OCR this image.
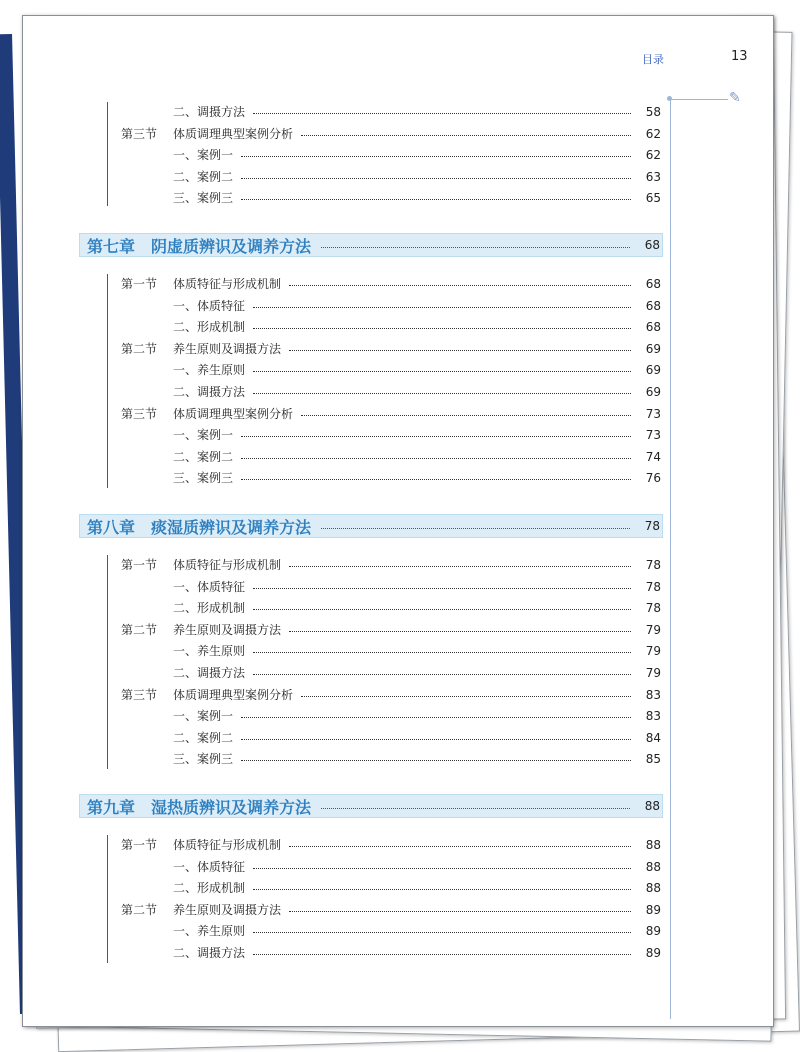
目录	13
✎
二、调摄方法	58
第三节 体质调理典型案例分析	62
一、案例一	62
二、案例二	63
三、案例三	65
第七章 阴虚质辨识及调养方法	68
第一节 体质特征与形成机制	68
一、体质特征	68
二、形成机制	68
第二节 养生原则及调摄方法	69
一、养生原则	69
二、调摄方法	69
第三节 体质调理典型案例分析	73
一、案例一	73
二、案例二	74
三、案例三	76
第八章 痰湿质辨识及调养方法	78
第一节 体质特征与形成机制	78
一、体质特征	78
二、形成机制	78
第二节 养生原则及调摄方法	79
一、养生原则	79
二、调摄方法	79
第三节 体质调理典型案例分析	83
一、案例一	83
二、案例二	84
三、案例三	85
第九章 湿热质辨识及调养方法	88
第一节 体质特征与形成机制	88
一、体质特征	88
二、形成机制	88
第二节 养生原则及调摄方法	89
一、养生原则	89
二、调摄方法	89
